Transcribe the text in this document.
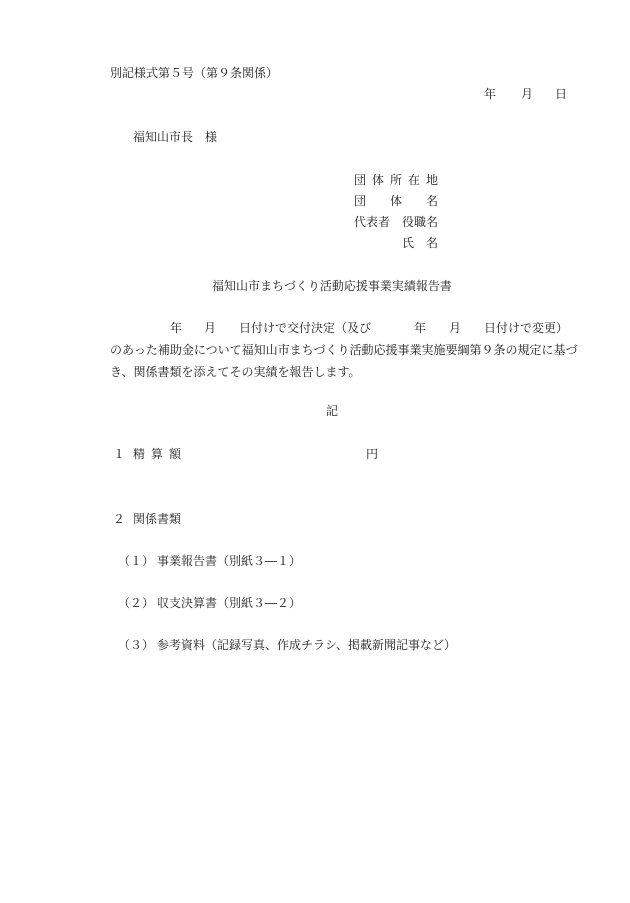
別記様式第５号（第９条関係）
年 月 日
福知山市長　様
団 体 所 在 地
団 体 名
代表者 役職名
氏 名
福知山市まちづくり活動応援事業実績報告書
年 月 日付けで交付決定（及び	年 月 日付けで変更）
のあった補助金について福知山市まちづくり活動応援事業実施要綱第９条の規定に基づ
き、関係書類を添えてその実績を報告します。
記
１ 精 算 額	円
２ 関係書類
（１） 事業報告書（別紙３―１）
（２） 収支決算書（別紙３―２）
（３） 参考資料（記録写真、作成チラシ、掲載新聞記事など）
